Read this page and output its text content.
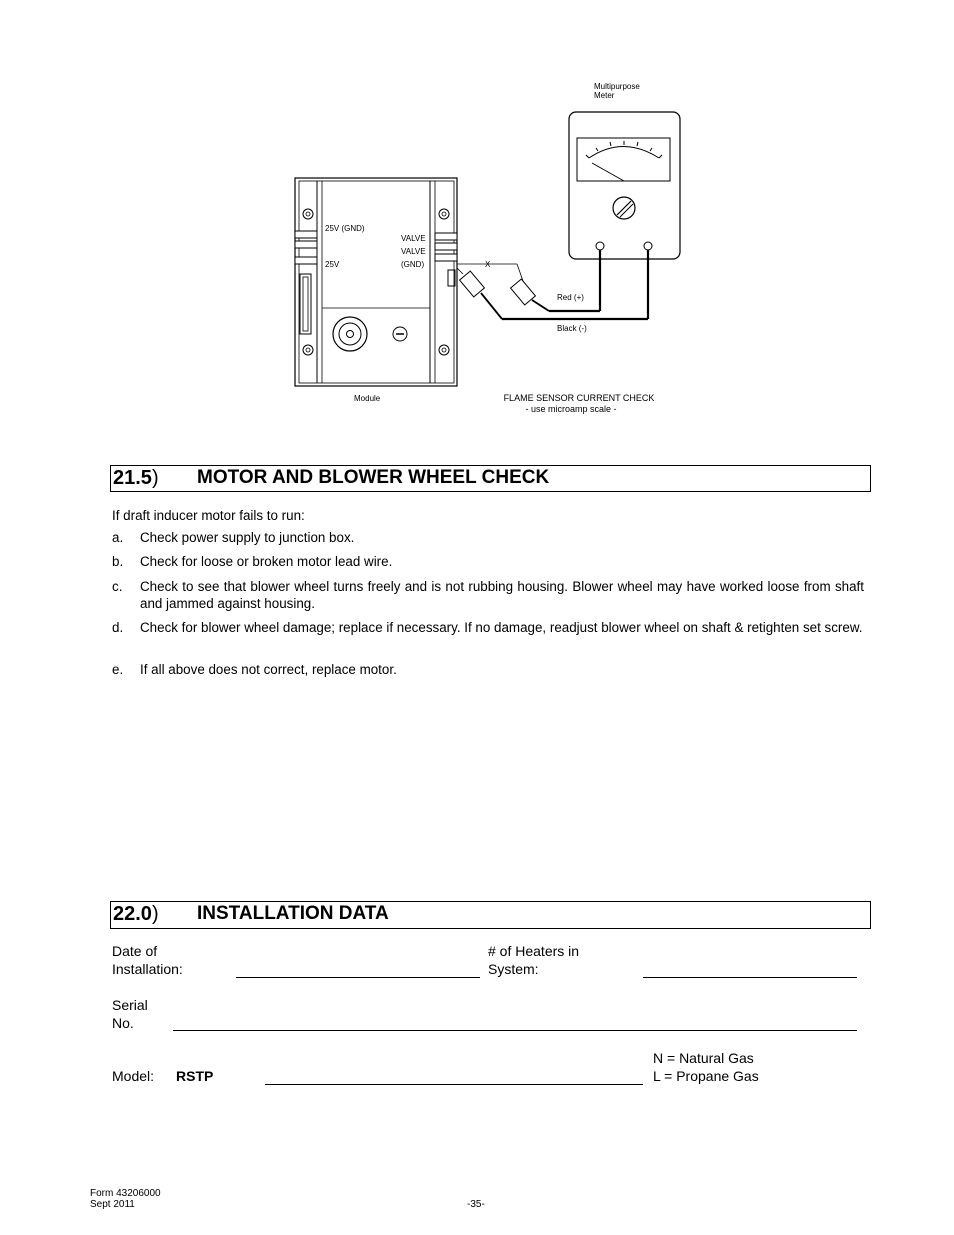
Multipurpose
Meter
25V (GND)
VALVE
VALVE
25V	(GND)	X
Red (+)
Black (-)
Module	FLAME SENSOR CURRENT CHECK
- use microamp scale -
21.5) MOTOR AND BLOWER WHEEL CHECK
If draft inducer motor fails to run:
a.	Check power supply to junction box.
b.	Check for loose or broken motor lead wire.
c.	Check to see that blower wheel turns freely and is not rubbing housing. Blower wheel may have worked loose from shaft and jammed against housing.
d.	Check for blower wheel damage; replace if necessary. If no damage, readjust blower wheel on shaft & retighten set screw.
e.	If all above does not correct, replace motor.
22.0) INSTALLATION DATA
Date of
Installation:
# of Heaters in
System:
Serial
No.
Model: RSTP
N = Natural Gas
L = Propane Gas
Form 43206000
Sept 2011	-35-
